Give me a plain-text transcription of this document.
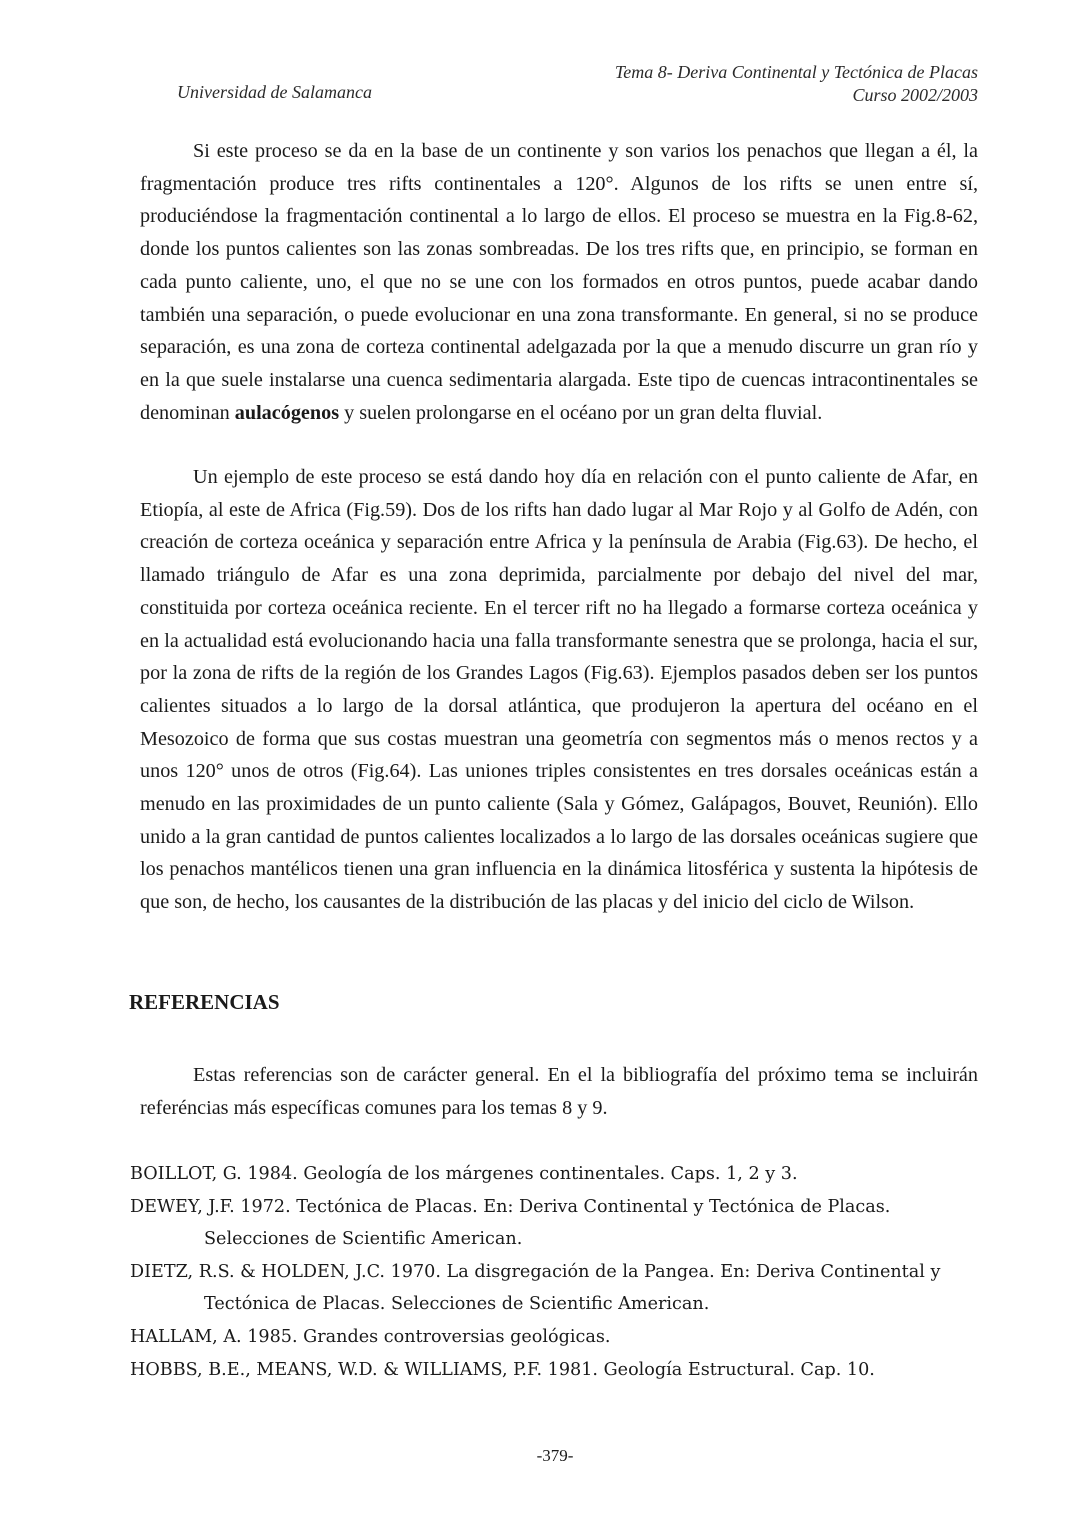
Universidad de Salamanca
Tema 8- Deriva Continental y Tectónica de Placas
Curso 2002/2003

Si este proceso se da en la base de un continente y son varios los penachos que llegan a él, la fragmentación produce tres rifts continentales a 120°. Algunos de los rifts se unen entre sí, produciéndose la fragmentación continental a lo largo de ellos. El proceso se muestra en la Fig.8-62, donde los puntos calientes son las zonas sombreadas. De los tres rifts que, en principio, se forman en cada punto caliente, uno, el que no se une con los formados en otros puntos, puede acabar dando también una separación, o puede evolucionar en una zona transformante. En general, si no se produce separación, es una zona de corteza continental adelgazada por la que a menudo discurre un gran río y en la que suele instalarse una cuenca sedimentaria alargada. Este tipo de cuencas intracontinentales se denominan aulacógenos y suelen prolongarse en el océano por un gran delta fluvial.

Un ejemplo de este proceso se está dando hoy día en relación con el punto caliente de Afar, en Etiopía, al este de Africa (Fig.59). Dos de los rifts han dado lugar al Mar Rojo y al Golfo de Adén, con creación de corteza oceánica y separación entre Africa y la península de Arabia (Fig.63). De hecho, el llamado triángulo de Afar es una zona deprimida, parcialmente por debajo del nivel del mar, constituida por corteza oceánica reciente. En el tercer rift no ha llegado a formarse corteza oceánica y en la actualidad está evolucionando hacia una falla transformante senestra que se prolonga, hacia el sur, por la zona de rifts de la región de los Grandes Lagos (Fig.63). Ejemplos pasados deben ser los puntos calientes situados a lo largo de la dorsal atlántica, que produjeron la apertura del océano en el Mesozoico de forma que sus costas muestran una geometría con segmentos más o menos rectos y a unos 120° unos de otros (Fig.64). Las uniones triples consistentes en tres dorsales oceánicas están a menudo en las proximidades de un punto caliente (Sala y Gómez, Galápagos, Bouvet, Reunión). Ello unido a la gran cantidad de puntos calientes localizados a lo largo de las dorsales oceánicas sugiere que los penachos mantélicos tienen una gran influencia en la dinámica litosférica y sustenta la hipótesis de que son, de hecho, los causantes de la distribución de las placas y del inicio del ciclo de Wilson.

REFERENCIAS

Estas referencias son de carácter general. En el la bibliografía del próximo tema se incluirán referéncias más específicas comunes para los temas 8 y 9.

BOILLOT, G. 1984. Geología de los márgenes continentales. Caps. 1, 2 y 3.
DEWEY, J.F. 1972. Tectónica de Placas. En: Deriva Continental y Tectónica de Placas. Selecciones de Scientific American.
DIETZ, R.S. & HOLDEN, J.C. 1970. La disgregación de la Pangea. En: Deriva Continental y Tectónica de Placas. Selecciones de Scientific American.
HALLAM, A. 1985. Grandes controversias geológicas.
HOBBS, B.E., MEANS, W.D. & WILLIAMS, P.F. 1981. Geología Estructural. Cap. 10.
-379-
